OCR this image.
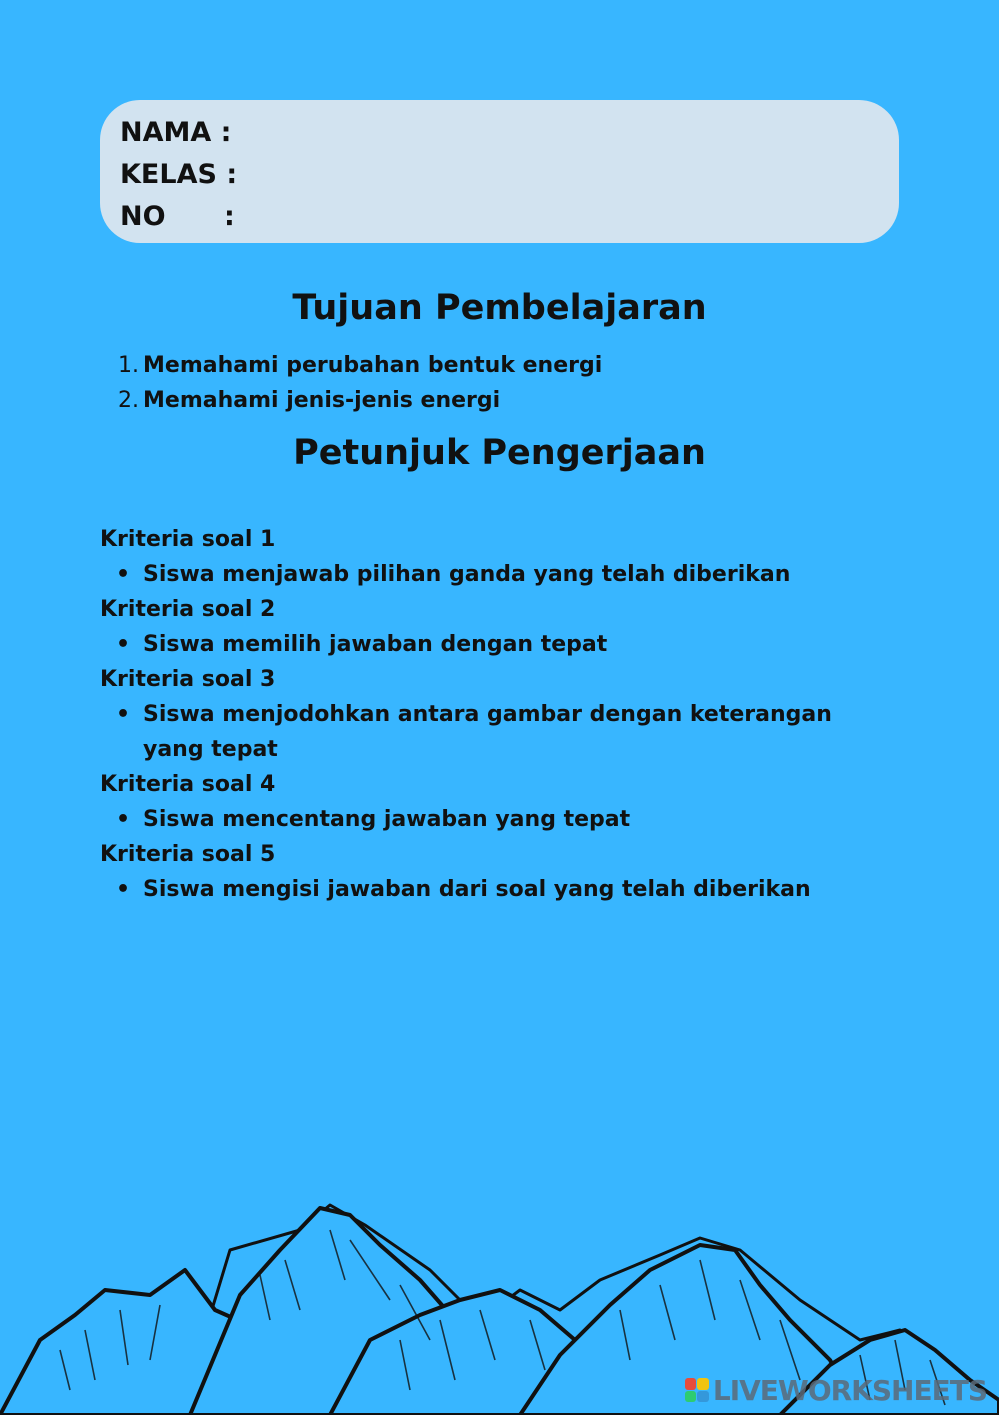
NAMA :
KELAS :
NO :
Tujuan Pembelajaran
1. Memahami perubahan bentuk energi
2. Memahami jenis-jenis energi
Petunjuk Pengerjaan
Kriteria soal 1
• Siswa menjawab pilihan ganda yang telah diberikan
Kriteria soal 2
• Siswa memilih jawaban dengan tepat
Kriteria soal 3
• Siswa menjodohkan antara gambar dengan keterangan yang tepat
Kriteria soal 4
• Siswa mencentang jawaban yang tepat
Kriteria soal 5
• Siswa mengisi jawaban dari soal yang telah diberikan
LIVEWORKSHEETS
